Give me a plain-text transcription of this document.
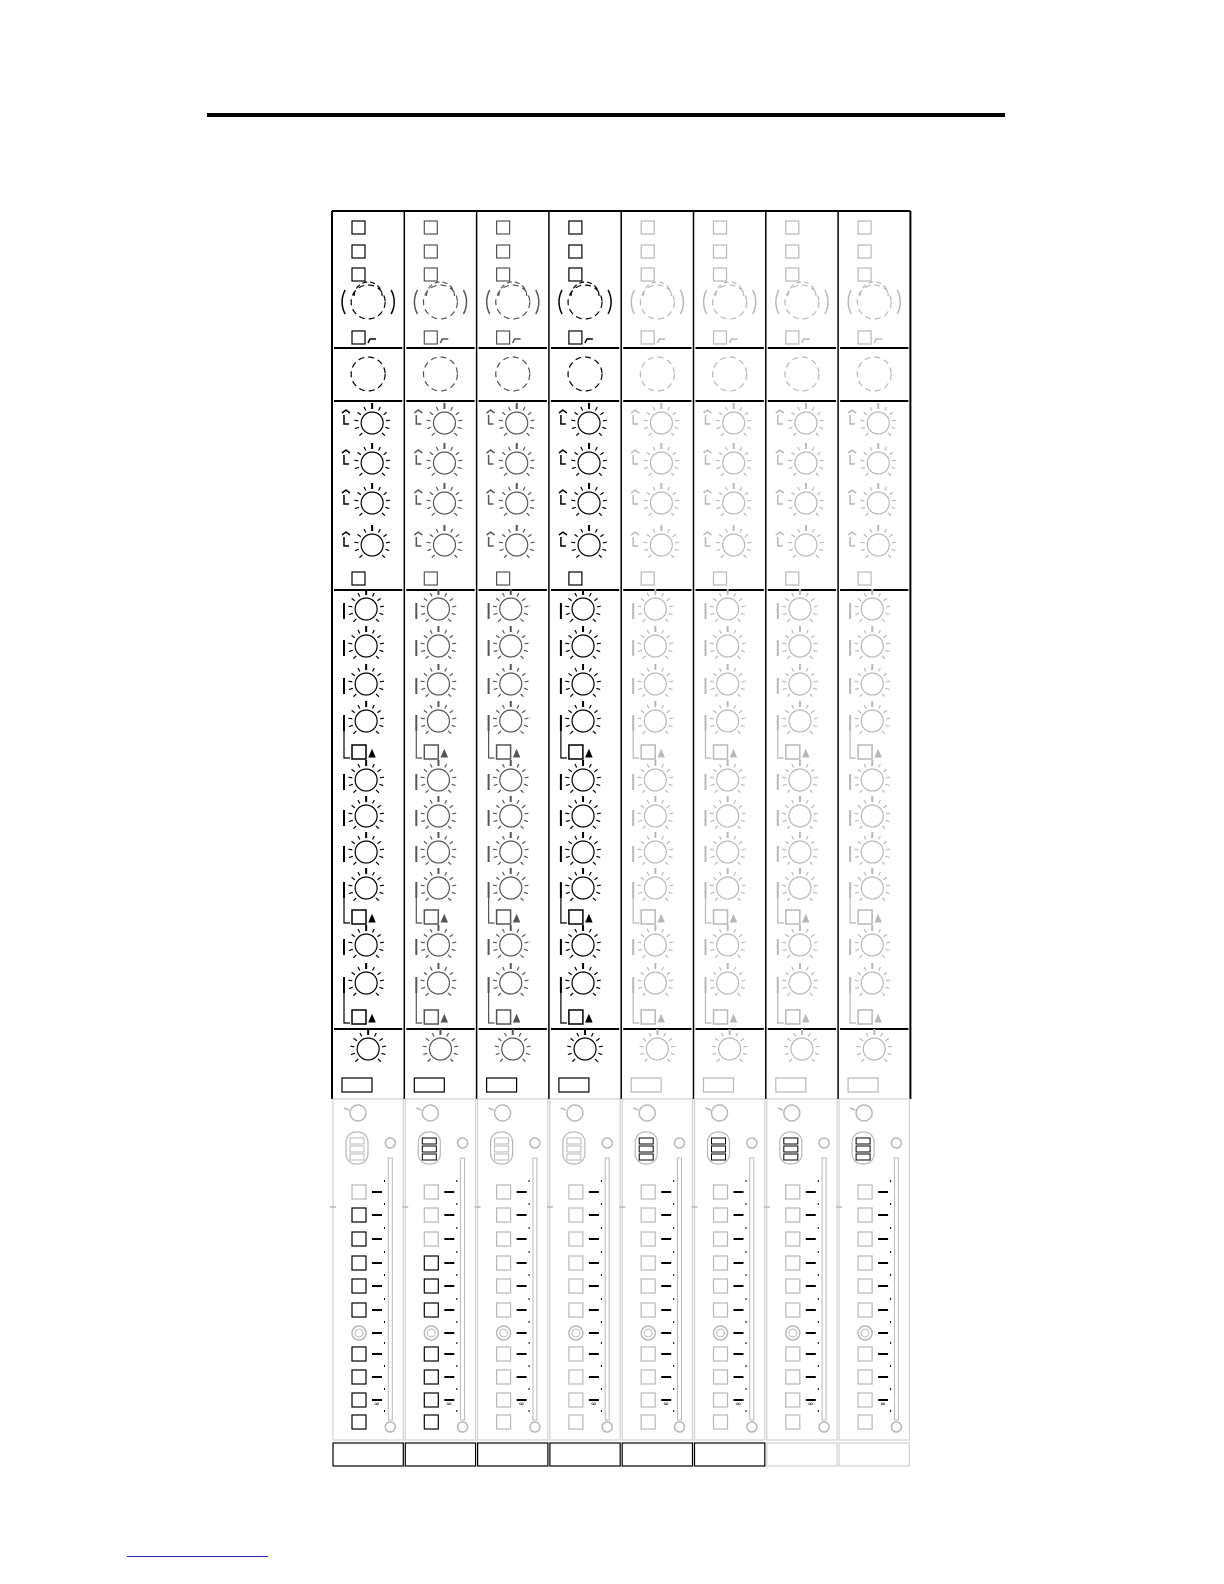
∞	∞	∞	∞	∞	∞	∞	∞
